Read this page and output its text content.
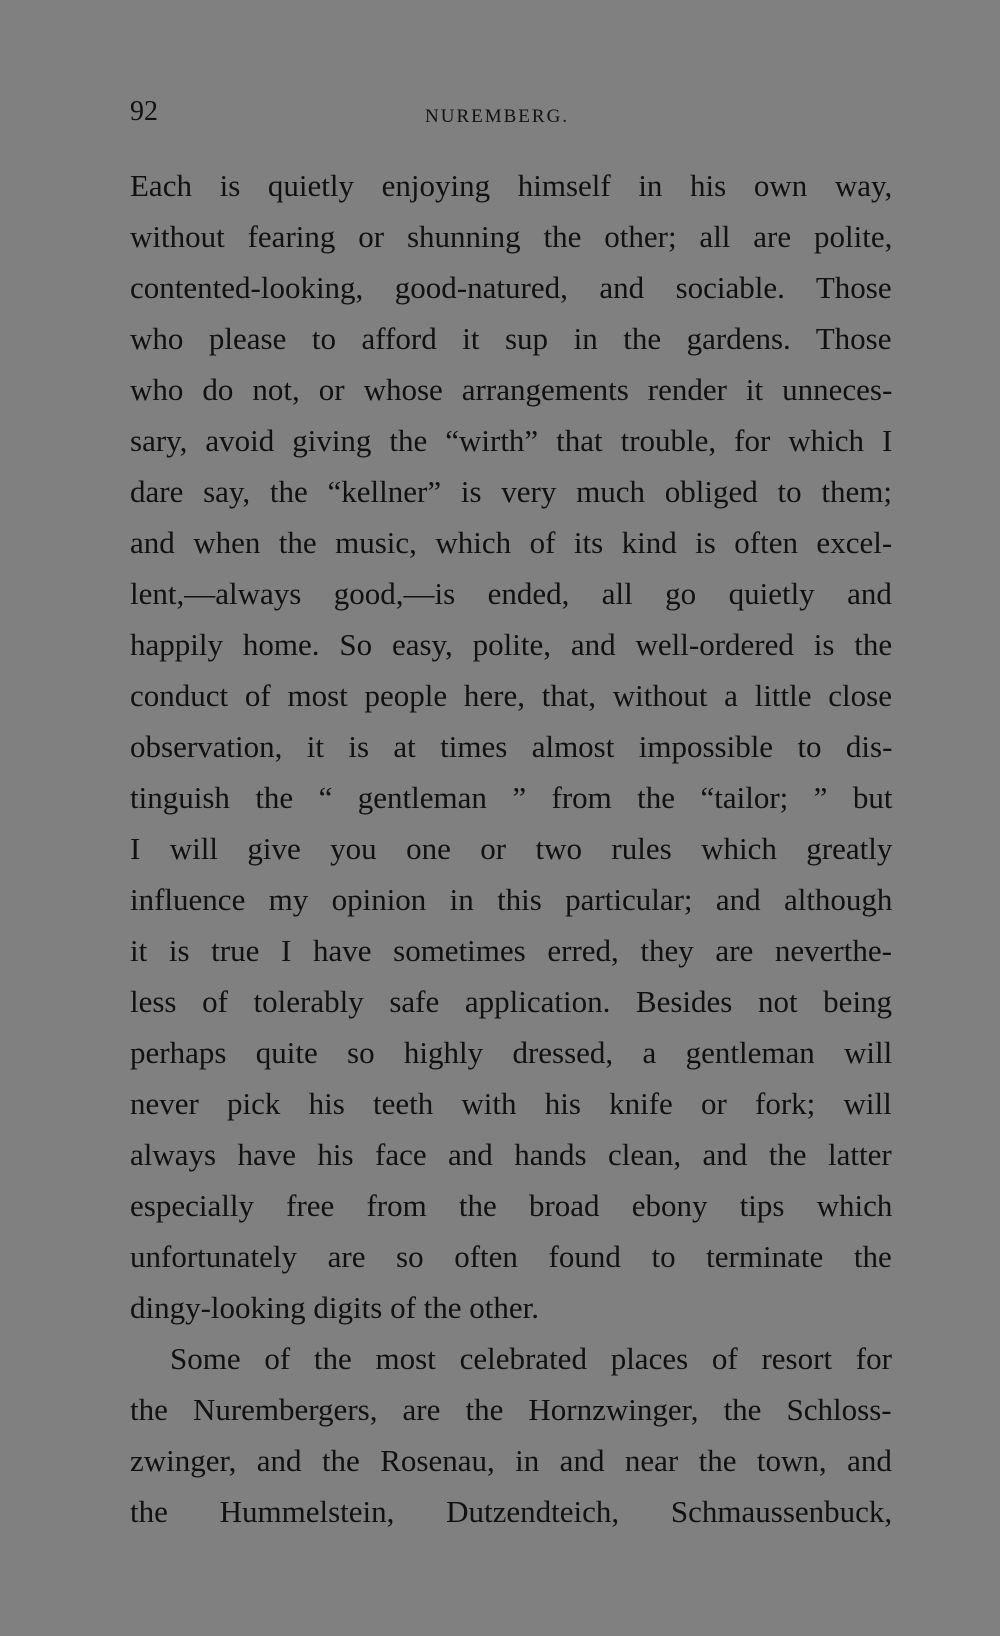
92	NUREMBERG.
Each is quietly enjoying himself in his own way,
without fearing or shunning the other; all are polite,
contented-looking, good-natured, and sociable. Those
who please to afford it sup in the gardens. Those
who do not, or whose arrangements render it unneces-
sary, avoid giving the “wirth” that trouble, for which I
dare say, the “kellner” is very much obliged to them;
and when the music, which of its kind is often excel-
lent,—always good,—is ended, all go quietly and
happily home. So easy, polite, and well-ordered is the
conduct of most people here, that, without a little close
observation, it is at times almost impossible to dis-
tinguish the “ gentleman ” from the “tailor; ” but
I will give you one or two rules which greatly
influence my opinion in this particular; and although
it is true I have sometimes erred, they are neverthe-
less of tolerably safe application. Besides not being
perhaps quite so highly dressed, a gentleman will
never pick his teeth with his knife or fork; will
always have his face and hands clean, and the latter
especially free from the broad ebony tips which
unfortunately are so often found to terminate the
dingy-looking digits of the other.
Some of the most celebrated places of resort for
the Nurembergers, are the Hornzwinger, the Schloss-
zwinger, and the Rosenau, in and near the town, and
the Hummelstein, Dutzendteich, Schmaussenbuck,
